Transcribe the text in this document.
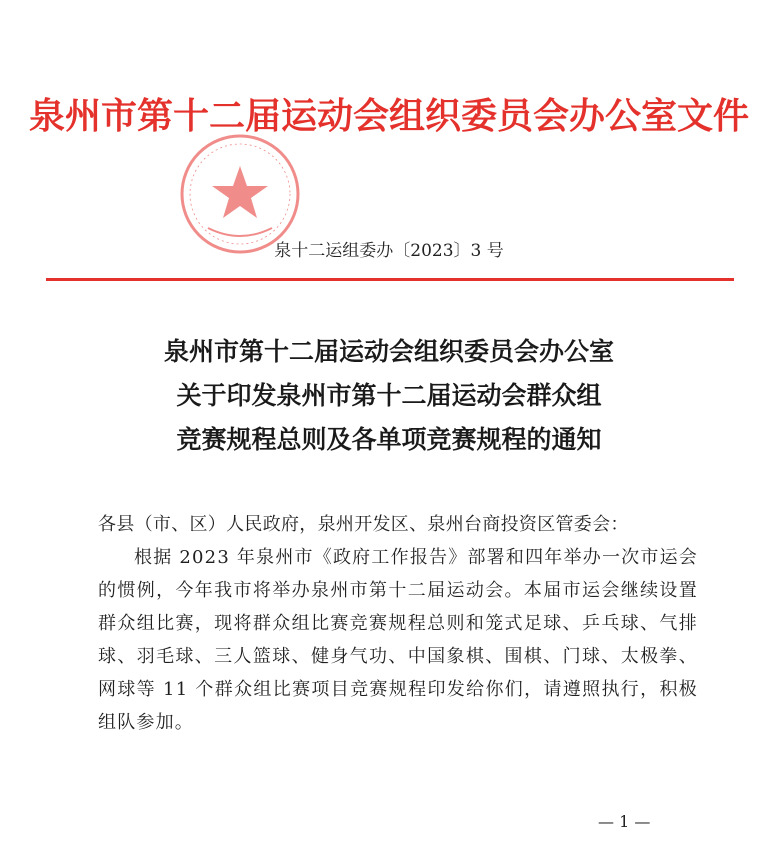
泉州市第十二届运动会组织委员会办公室文件
泉十二运组委办〔2023〕3 号
泉州市第十二届运动会组织委员会办公室
关于印发泉州市第十二届运动会群众组
竞赛规程总则及各单项竞赛规程的通知
各县（市、区）人民政府，泉州开发区、泉州台商投资区管委会：
根据 2023 年泉州市《政府工作报告》部署和四年举办一次市运会的惯例，今年我市将举办泉州市第十二届运动会。本届市运会继续设置群众组比赛，现将群众组比赛竞赛规程总则和笼式足球、乒乓球、气排球、羽毛球、三人篮球、健身气功、中国象棋、围棋、门球、太极拳、网球等 11 个群众组比赛项目竞赛规程印发给你们，请遵照执行，积极组队参加。
— 1 —
